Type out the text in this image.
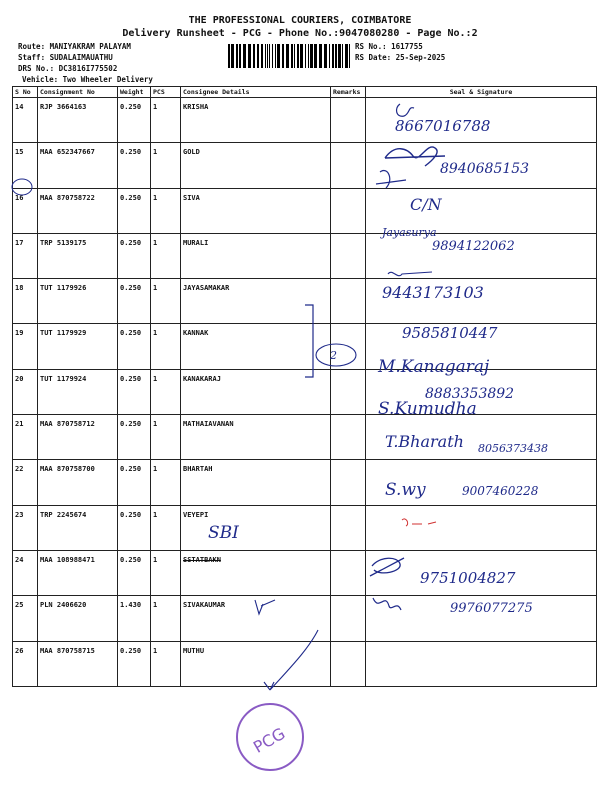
THE PROFESSIONAL COURIERS, COIMBATORE
Delivery Runsheet - PCG - Phone No.:9047080280 - Page No.:2
Route: MANIYAKRAM PALAYAM
Staff: SUDALAIMAUATHU
DRS No.: DC3816I775502
Vehicle: Two Wheeler Delivery
RS No.: 1617755
RS Date: 25-Sep-2025
S No	Consignment No	Weight	PCS	Consignee Details	Remarks	Seal & Signature
14	RJP 3664163	0.250	1	KRISHA		
15	MAA 652347667	0.250	1	GOLD		
16	MAA 870758722	0.250	1	SIVA		
17	TRP 5139175	0.250	1	MURALI		
18	TUT 1179926	0.250	1	JAYASAMAKAR		
19	TUT 1179929	0.250	1	KANNAK		
20	TUT 1179924	0.250	1	KANAKARAJ		
21	MAA 870758712	0.250	1	MATHAIAVANAN		
22	MAA 870758700	0.250	1	BHARTAH		
23	TRP 2245674	0.250	1	VEYEPI		
24	MAA 108988471	0.250	1	SSTATBAKN		
25	PLN 2406620	1.430	1	SIVAKAUMAR		
26	MAA 870758715	0.250	1	MUTHU		
8667016788
8940685153
C/N
Jayasurya
9894122062
9443173103
9585810447
2
M.Kanagaraj
8883353892
S.Kumudha
T.Bharath 8056373438
S.wy	9007460228
SBI
9751004827
9976077275
PCG
